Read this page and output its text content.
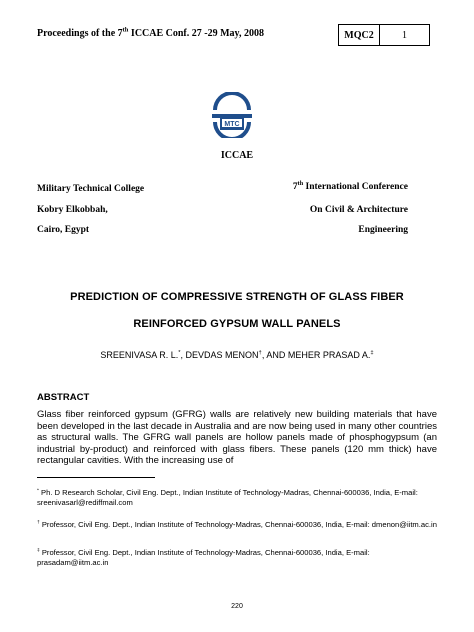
Proceedings of the 7th ICCAE Conf. 27 -29 May, 2008	MQC2	1
MTC
ICCAE
Military Technical College
Kobry Elkobbah,
Cairo, Egypt
7th International Conference
On Civil & Architecture
Engineering
PREDICTION OF COMPRESSIVE STRENGTH OF GLASS FIBER
REINFORCED GYPSUM WALL PANELS
SREENIVASA R. L.*, DEVDAS MENON†, AND MEHER PRASAD A.‡
ABSTRACT
Glass fiber reinforced gypsum (GFRG) walls are relatively new building materials that have been developed in the last decade in Australia and are now being used in many other countries as structural walls. The GFRG wall panels are hollow panels made of phosphogypsum (an industrial by-product) and reinforced with glass fibers. These panels (120 mm thick) have rectangular cavities. With the increasing use of
* Ph. D Research Scholar, Civil Eng. Dept., Indian Institute of Technology-Madras, Chennai-600036, India, E-mail: sreenivasarl@rediffmail.com
† Professor, Civil Eng. Dept., Indian Institute of Technology-Madras, Chennai-600036, India, E-mail: dmenon@iitm.ac.in
‡ Professor, Civil Eng. Dept., Indian Institute of Technology-Madras, Chennai-600036, India, E-mail: prasadam@iitm.ac.in
220
